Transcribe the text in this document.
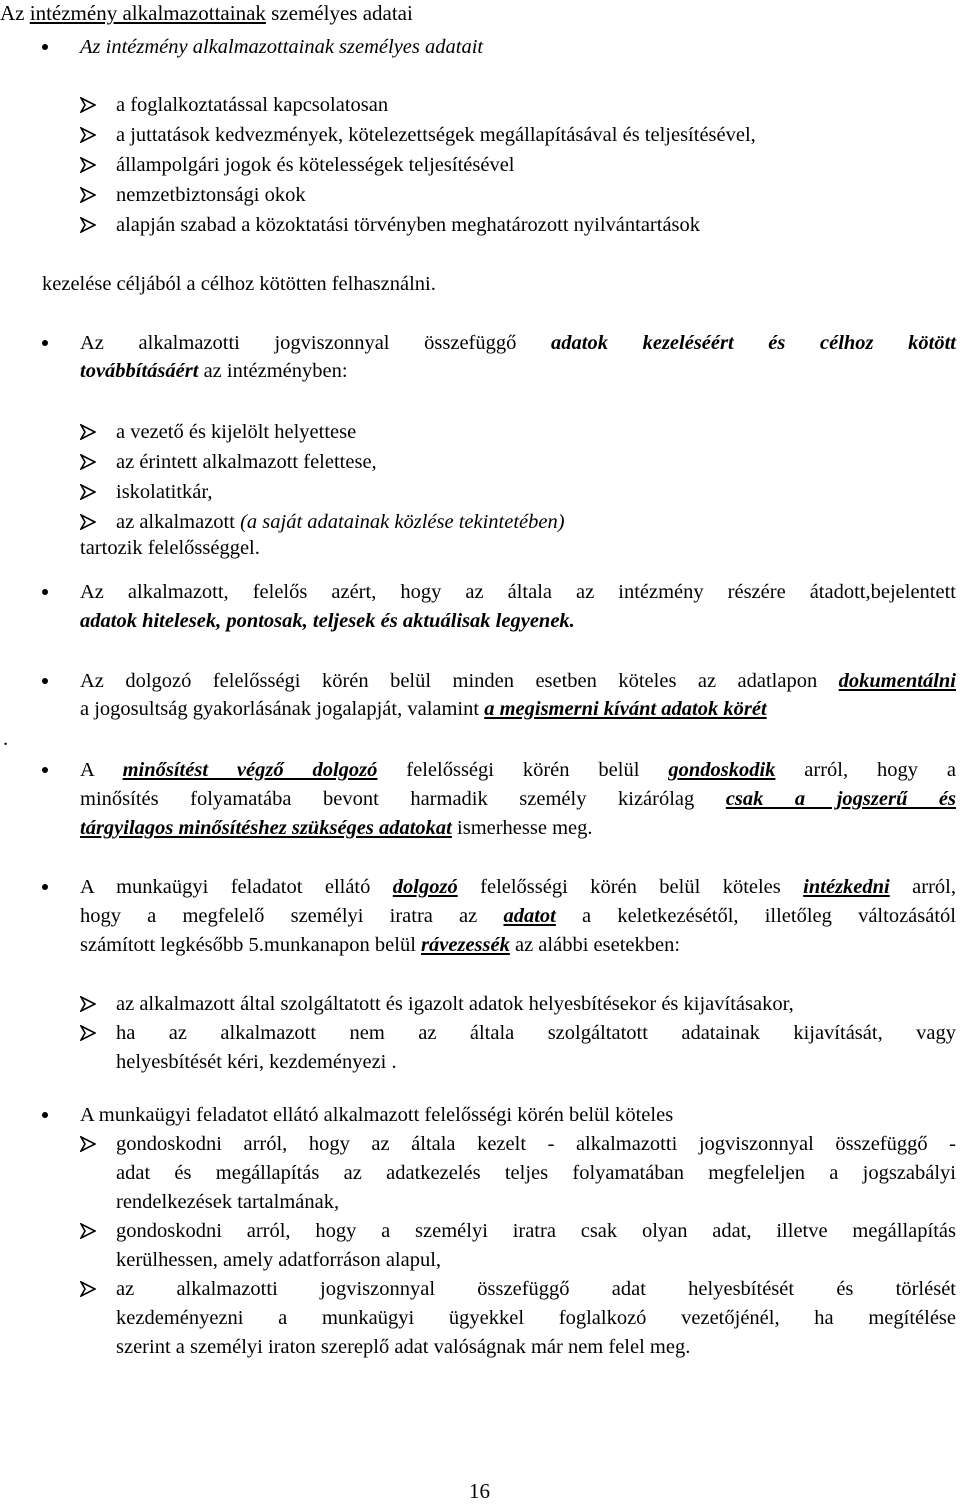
Az intézmény alkalmazottainak személyes adatai
Az intézmény alkalmazottainak személyes adatait
a foglalkoztatással kapcsolatosan
a juttatások kedvezmények, kötelezettségek megállapításával és teljesítésével,
állampolgári jogok és kötelességek teljesítésével
nemzetbiztonsági okok
alapján szabad a közoktatási törvényben meghatározott nyilvántartások
kezelése céljából a célhoz kötötten felhasználni.
Az alkalmazotti jogviszonnyal összefüggő adatok kezeléséért és célhoz kötött
továbbításáért az intézményben:
a vezető és kijelölt helyettese
az érintett alkalmazott felettese,
iskolatitkár,
az alkalmazott (a saját adatainak közlése tekintetében)
tartozik felelősséggel.
Az alkalmazott, felelős azért, hogy az általa az intézmény részére átadott,bejelentett
adatok hitelesek, pontosak, teljesek és aktuálisak legyenek.
Az dolgozó felelősségi körén belül minden esetben köteles az adatlapon dokumentálni
a jogosultság gyakorlásának jogalapját, valamint a megismerni kívánt adatok körét
.
A minősítést végző dolgozó felelősségi körén belül gondoskodik arról, hogy a
minősítés folyamatába bevont harmadik személy kizárólag csak a jogszerű és
tárgyilagos minősítéshez szükséges adatokat ismerhesse meg.
A munkaügyi feladatot ellátó dolgozó felelősségi körén belül köteles intézkedni arról,
hogy a megfelelő személyi iratra az adatot a keletkezésétől, illetőleg változásától
számított legkésőbb 5.munkanapon belül rávezessék az alábbi esetekben:
az alkalmazott által szolgáltatott és igazolt adatok helyesbítésekor és kijavításakor,
ha az alkalmazott nem az általa szolgáltatott adatainak kijavítását, vagy
helyesbítését kéri, kezdeményezi .
A munkaügyi feladatot ellátó alkalmazott felelősségi körén belül köteles
gondoskodni arról, hogy az általa kezelt - alkalmazotti jogviszonnyal összefüggő -
adat és megállapítás az adatkezelés teljes folyamatában megfeleljen a jogszabályi
rendelkezések tartalmának,
gondoskodni arról, hogy a személyi iratra csak olyan adat, illetve megállapítás
kerülhessen, amely adatforráson alapul,
az alkalmazotti jogviszonnyal összefüggő adat helyesbítését és törlését
kezdeményezni a munkaügyi ügyekkel foglalkozó vezetőjénél, ha megítélése
szerint a személyi iraton szereplő adat valóságnak már nem felel meg.
16
